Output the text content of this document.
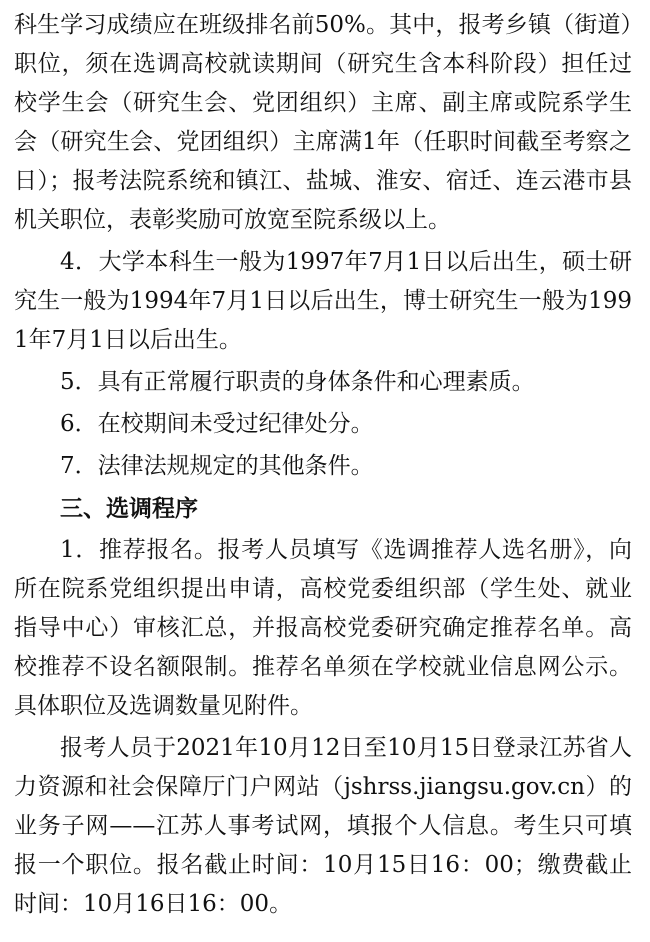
科生学习成绩应在班级排名前50%。其中，报考乡镇（街道）职位，须在选调高校就读期间（研究生含本科阶段）担任过校学生会（研究生会、党团组织）主席、副主席或院系学生会（研究生会、党团组织）主席满1年（任职时间截至考察之日）；报考法院系统和镇江、盐城、淮安、宿迁、连云港市县机关职位，表彰奖励可放宽至院系级以上。

4．大学本科生一般为1997年7月1日以后出生，硕士研究生一般为1994年7月1日以后出生，博士研究生一般为1991年7月1日以后出生。

5．具有正常履行职责的身体条件和心理素质。

6．在校期间未受过纪律处分。

7．法律法规规定的其他条件。

三、选调程序

1．推荐报名。报考人员填写《选调推荐人选名册》，向所在院系党组织提出申请，高校党委组织部（学生处、就业指导中心）审核汇总，并报高校党委研究确定推荐名单。高校推荐不设名额限制。推荐名单须在学校就业信息网公示。具体职位及选调数量见附件。

报考人员于2021年10月12日至10月15日登录江苏省人力资源和社会保障厅门户网站（jshrss.jiangsu.gov.cn）的业务子网——江苏人事考试网，填报个人信息。考生只可填报一个职位。报名截止时间：10月15日16：00；缴费截止时间：10月16日16：00。
